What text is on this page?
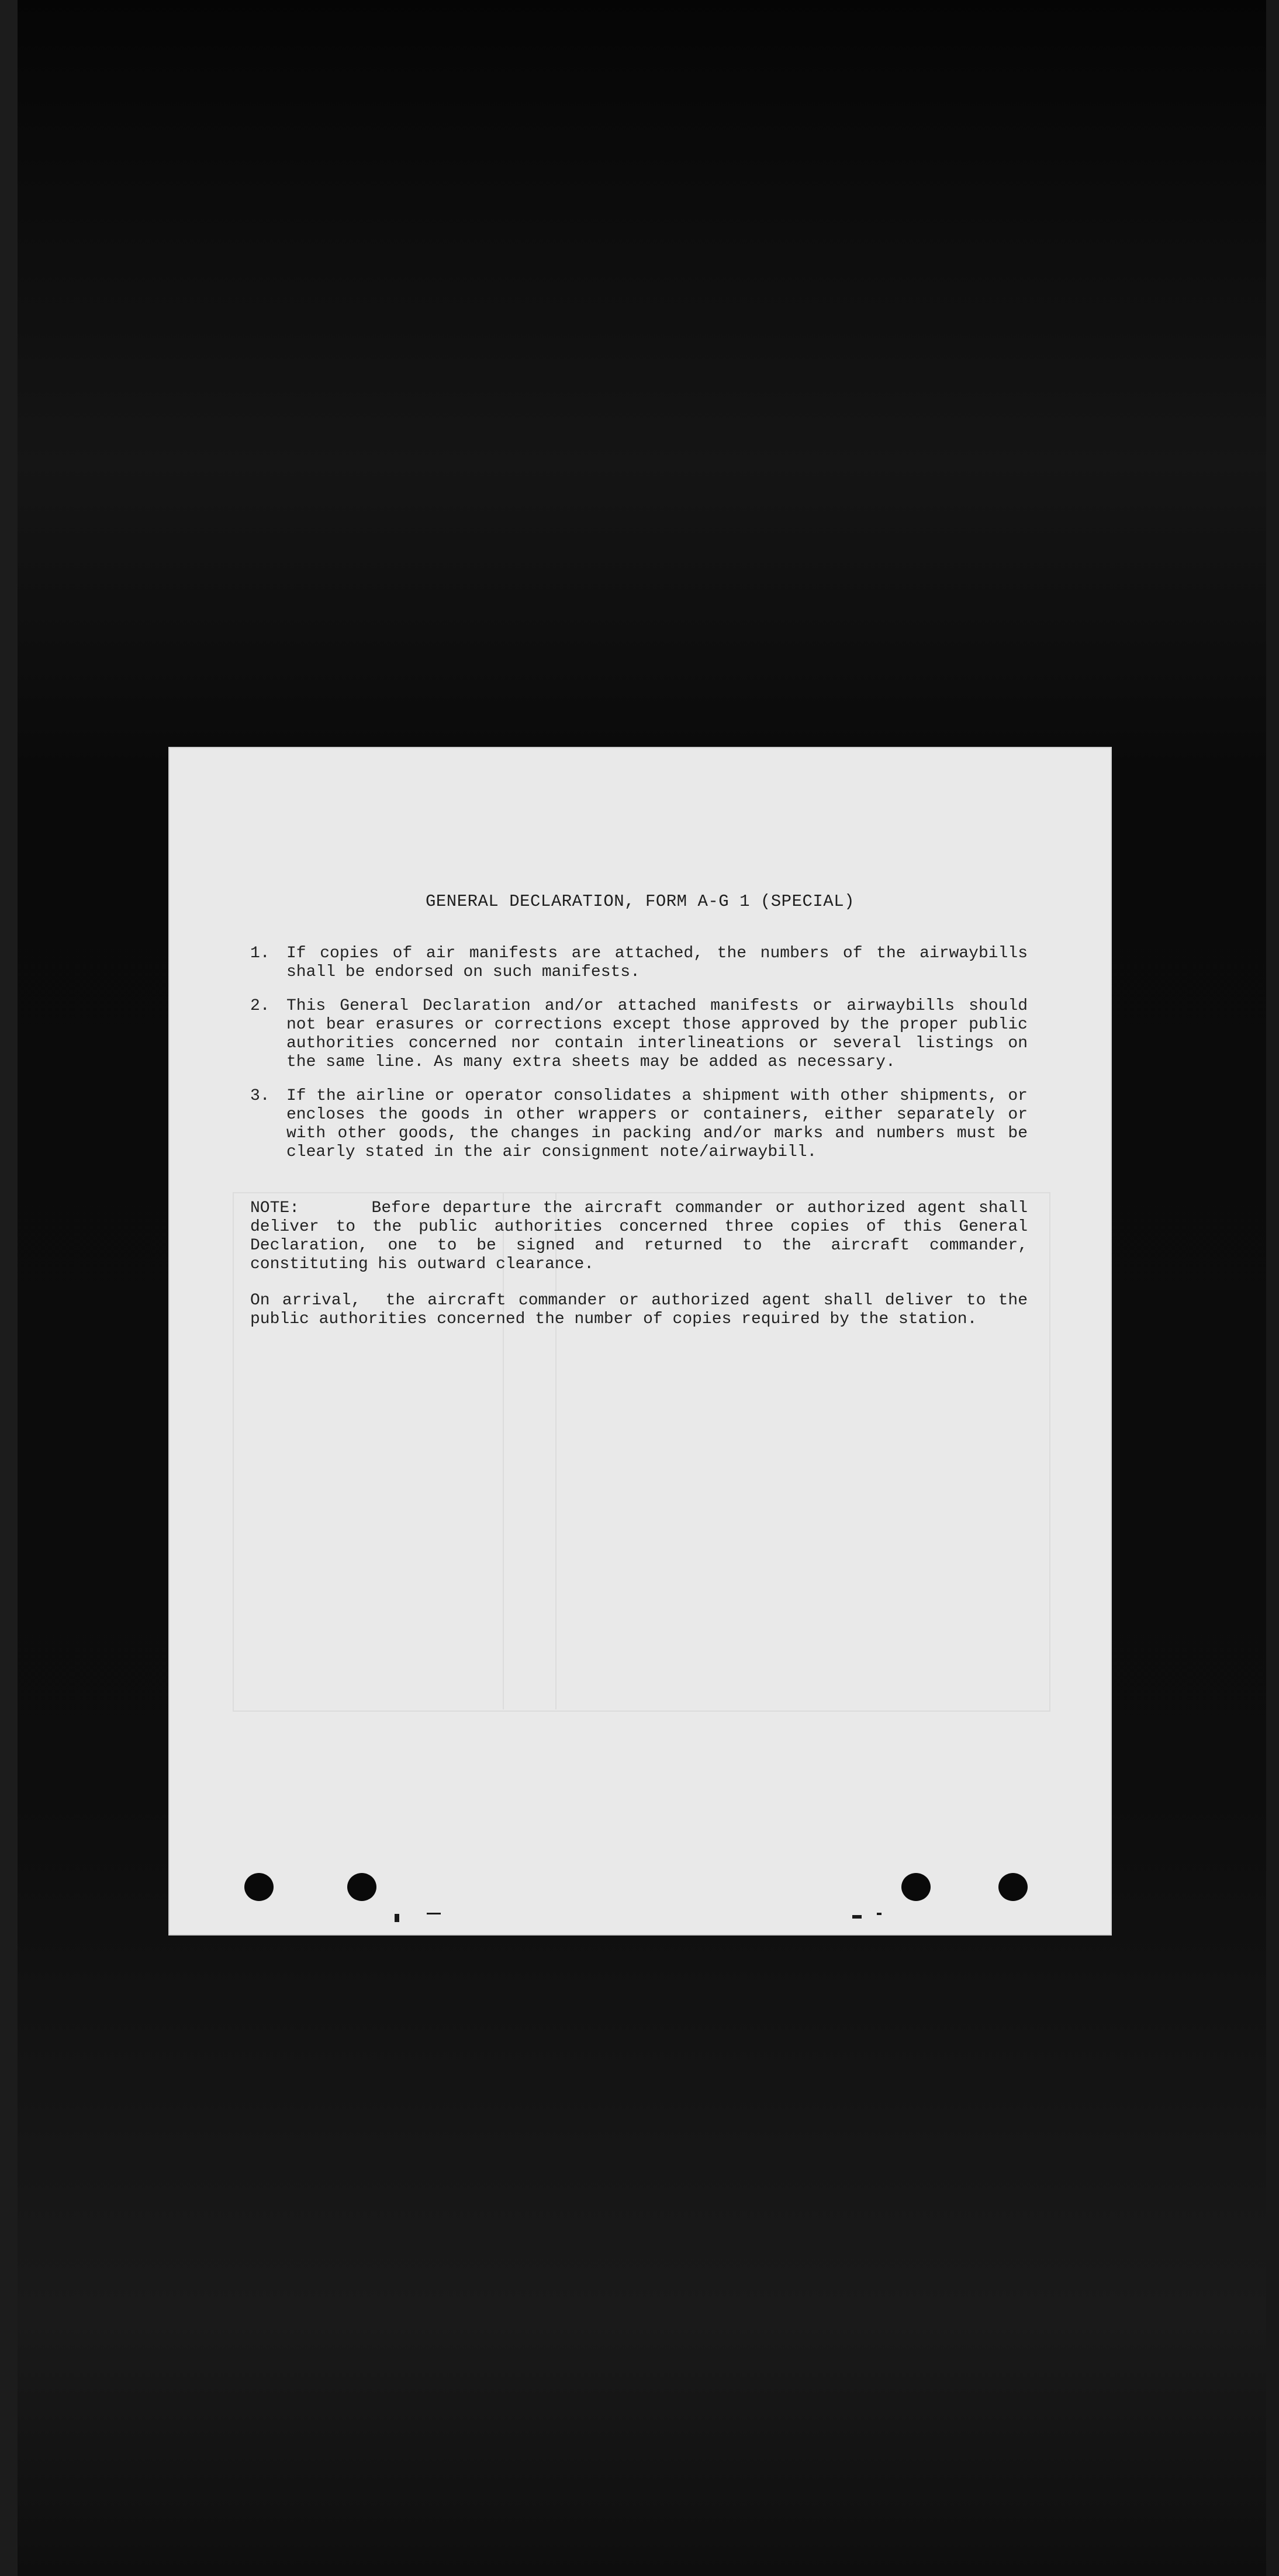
GENERAL DECLARATION, FORM A-G 1 (SPECIAL)
1.	If copies of air manifests are attached, the numbers of the airwaybills shall be endorsed on such manifests.
2.	This General Declaration and/or attached manifests or airwaybills should not bear erasures or corrections except those approved by the proper public authorities concerned nor contain interlineations or several listings on the same line. As many extra sheets may be added as necessary.
3.	If the airline or operator consolidates a shipment with other shipments, or encloses the goods in other wrappers or containers, either separately or with other goods, the changes in packing and/or marks and numbers must be clearly stated in the air consignment note/airwaybill.

NOTE:      Before departure the aircraft commander or authorized agent shall deliver to the public authorities concerned three copies of this General Declaration, one to be signed and returned to the aircraft commander, constituting his outward clearance.

On arrival,  the aircraft commander or authorized agent shall deliver to the public authorities concerned the number of copies required by the station.
